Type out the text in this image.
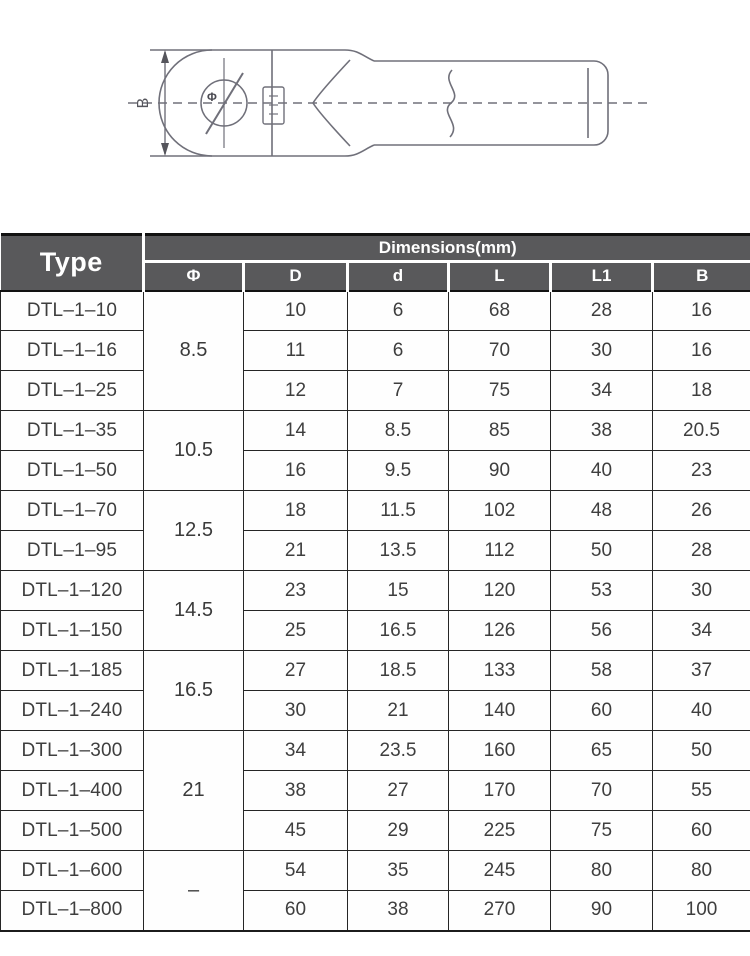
B	Φ
Type	Dimensions(mm)					
	Φ	D	d	L	L1	B
DTL–1–10	8.5	10	6	68	28	16
DTL–1–16		11	6	70	30	16
DTL–1–25		12	7	75	34	18
DTL–1–35	10.5	14	8.5	85	38	20.5
DTL–1–50		16	9.5	90	40	23
DTL–1–70	12.5	18	11.5	102	48	26
DTL–1–95		21	13.5	112	50	28
DTL–1–120	14.5	23	15	120	53	30
DTL–1–150		25	16.5	126	56	34
DTL–1–185	16.5	27	18.5	133	58	37
DTL–1–240		30	21	140	60	40
DTL–1–300	21	34	23.5	160	65	50
DTL–1–400		38	27	170	70	55
DTL–1–500		45	29	225	75	60
DTL–1–600	–	54	35	245	80	80
DTL–1–800		60	38	270	90	100
